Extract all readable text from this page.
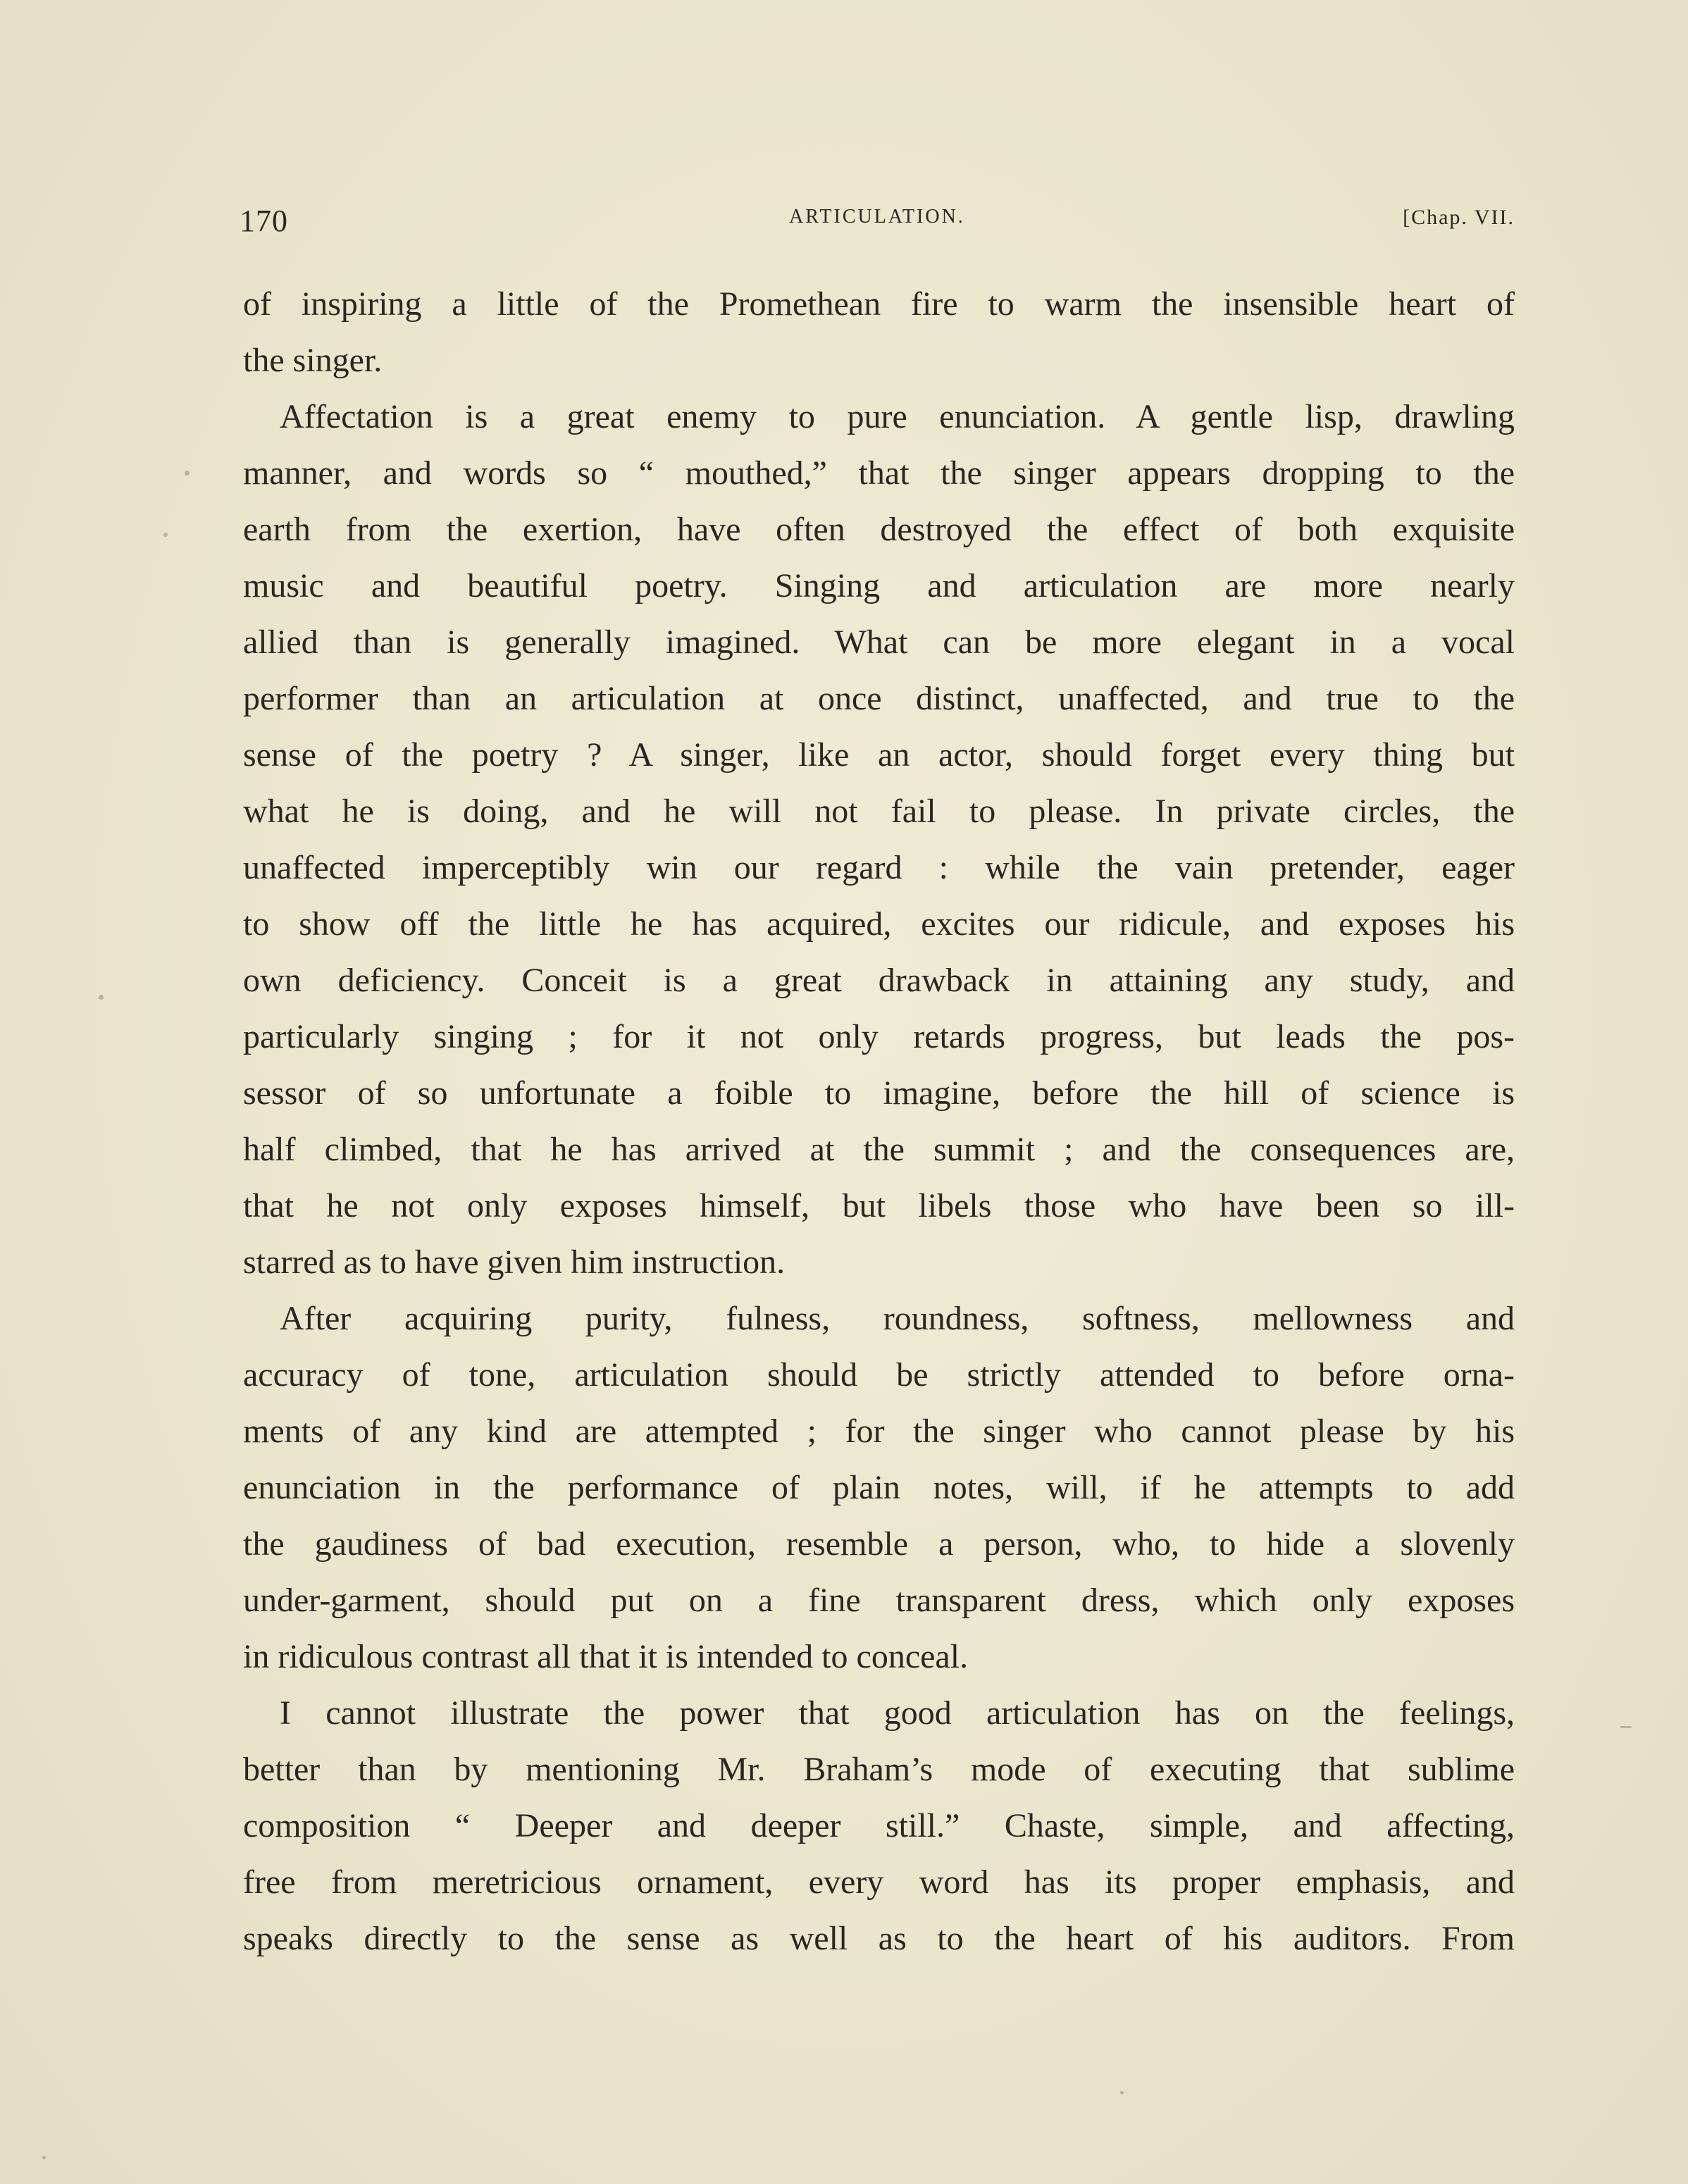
170	ARTICULATION.	[Chap. VII.
of inspiring a little of the Promethean fire to warm the insensible heart of
the singer.
Affectation is a great enemy to pure enunciation. A gentle lisp, drawling
manner, and words so “ mouthed,” that the singer appears dropping to the
earth from the exertion, have often destroyed the effect of both exquisite
music and beautiful poetry. Singing and articulation are more nearly
allied than is generally imagined. What can be more elegant in a vocal
performer than an articulation at once distinct, unaffected, and true to the
sense of the poetry ? A singer, like an actor, should forget every thing but
what he is doing, and he will not fail to please. In private circles, the
unaffected imperceptibly win our regard : while the vain pretender, eager
to show off the little he has acquired, excites our ridicule, and exposes his
own deficiency. Conceit is a great drawback in attaining any study, and
particularly singing ; for it not only retards progress, but leads the pos-
sessor of so unfortunate a foible to imagine, before the hill of science is
half climbed, that he has arrived at the summit ; and the consequences are,
that he not only exposes himself, but libels those who have been so ill-
starred as to have given him instruction.
After acquiring purity, fulness, roundness, softness, mellowness and
accuracy of tone, articulation should be strictly attended to before orna-
ments of any kind are attempted ; for the singer who cannot please by his
enunciation in the performance of plain notes, will, if he attempts to add
the gaudiness of bad execution, resemble a person, who, to hide a slovenly
under-garment, should put on a fine transparent dress, which only exposes
in ridiculous contrast all that it is intended to conceal.
I cannot illustrate the power that good articulation has on the feelings,
better than by mentioning Mr. Braham’s mode of executing that sublime
composition “ Deeper and deeper still.” Chaste, simple, and affecting,
free from meretricious ornament, every word has its proper emphasis, and
speaks directly to the sense as well as to the heart of his auditors. From
